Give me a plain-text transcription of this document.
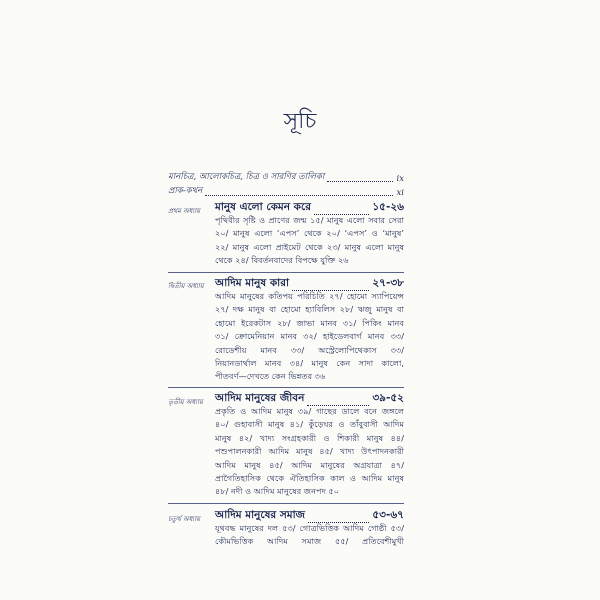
সূচি
মানচিত্র, আলোকচিত্র, চিত্র ও সারণির তালিকা	ix
প্রাক-কথন	xi
প্রথম অধ্যায়	মানুষ এলো কেমন করে	১৫-২৬
পৃথিবীর সৃষ্টি ও প্রাণের জন্ম ১৫/ মানুষ এলো সবার সেরা
২০/ মানুষ এলো ‘এপস’ থেকে ২০/ ‘এপস’ ও ‘মানুষ’
২২/ মানুষ এলো প্রাইমেট থেকে ২৩/ মানুষ এলো মানুষ
থেকে ২৪/ বিবর্তনবাদের বিপক্ষে যুক্তি ২৬
দ্বিতীয় অধ্যায়	আদিম মানুষ কারা	২৭-৩৮
আদিম মানুষের কতিপয় পরিচিতি ২৭/ হোমো স্যাপিয়েন্স
২৭/ দক্ষ মানুষ বা হোমো হ্যাবিলিস ২৮/ ঋজু মানুষ বা
হোমো ইরেকটাস ২৮/ জাভা মানব ৩১/ পিকিং মানব
৩১/ ক্রোমেনিয়ান মানব ৩২/ হাইডেলবার্গ মানব ৩৩/
রোডেশীয় মানব ৩৩/ অস্ট্রেলোপিথেকাস ৩৩/
নিয়ানডার্থাল মানব ৩৪/ মানুষ কেন সাদা কালো,
পীতবর্ণ—দেখতে কেন ভিন্নতর ৩৬
তৃতীয় অধ্যায়	আদিম মানুষের জীবন	৩৯-৫২
প্রকৃতি ও আদিম মানুষ ৩৯/ গাছের ডালে বনে জঙ্গলে
৪০/ গুহাবাসী মানুষ ৪১/ কুঁড়েঘর ও তাঁবুবাসী আদিম
মানুষ ৪২/ খাদ্য সংগ্রহকারী ও শিকারী মানুষ ৪৪/
পশুপালনকারী আদিম মানুষ ৪৫/ খাদ্য উৎপাদনকারী
আদিম মানুষ ৪৫/ আদিম মানুষের অগ্রযাত্রা ৪৭/
প্রাগৈতিহাসিক থেকে ঐতিহাসিক কাল ও আদিম মানুষ
৪৮/ নদী ও আদিম মানুষের জনপদ ৫০
চতুর্থ অধ্যায়	আদিম মানুষের সমাজ	৫৩-৬৭
যূথবদ্ধ মানুষের দল ৫৩/ গোত্রভিত্তিক আদিম গোষ্ঠী ৫৩/
কৌমভিত্তিক আদিম সমাজ ৫৫/ প্রতিবেশীমুখী
